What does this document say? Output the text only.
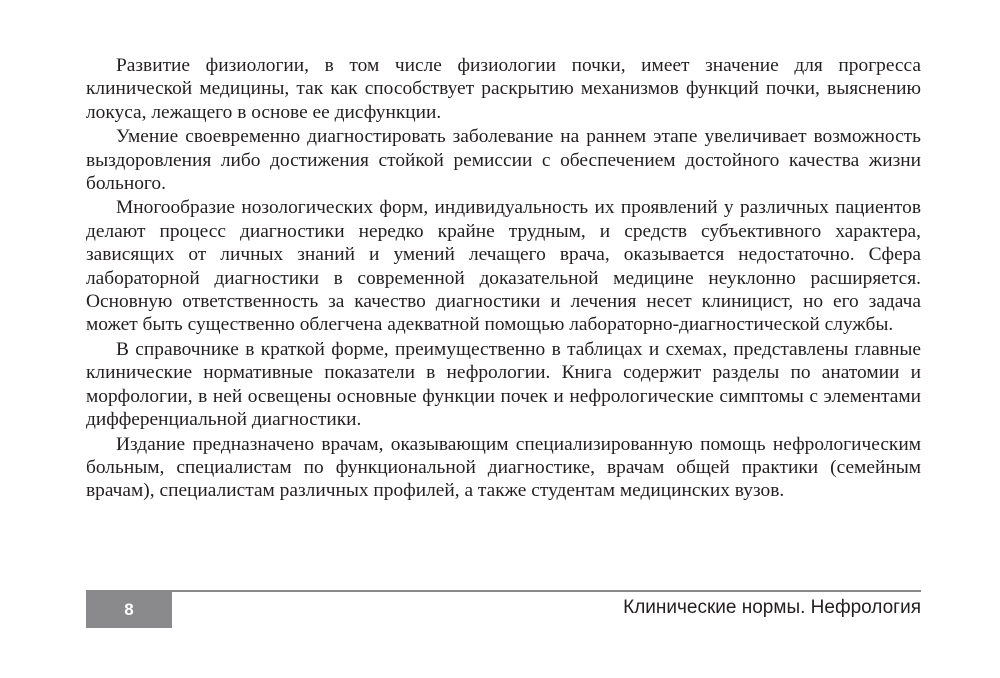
Развитие физиологии, в том числе физиологии почки, имеет значение для прогресса клинической медицины, так как способствует раскрытию механизмов функций почки, выяснению локуса, лежащего в основе ее дисфункции.

Умение своевременно диагностировать заболевание на раннем этапе увеличивает возможность выздоровления либо достижения стойкой ремиссии с обеспечением достойного качества жизни больного.

Многообразие нозологических форм, индивидуальность их проявлений у различных пациентов делают процесс диагностики нередко крайне трудным, и средств субъективного характера, зависящих от личных знаний и умений лечащего врача, оказывается недостаточно. Сфера лабораторной диагностики в современной доказательной медицине неуклонно расширяется. Основную ответственность за качество диагностики и лечения несет клиницист, но его задача может быть существенно облегчена адекватной помощью лабораторно-диагностической службы.

В справочнике в краткой форме, преимущественно в таблицах и схемах, представлены главные клинические нормативные показатели в нефрологии. Книга содержит разделы по анатомии и морфологии, в ней освещены основные функции почек и нефрологические симптомы с элементами дифференциальной диагностики.

Издание предназначено врачам, оказывающим специализированную помощь нефрологическим больным, специалистам по функциональной диагностике, врачам общей практики (семейным врачам), специалистам различных профилей, а также студентам медицинских вузов.

8	Клинические нормы. Нефрология
